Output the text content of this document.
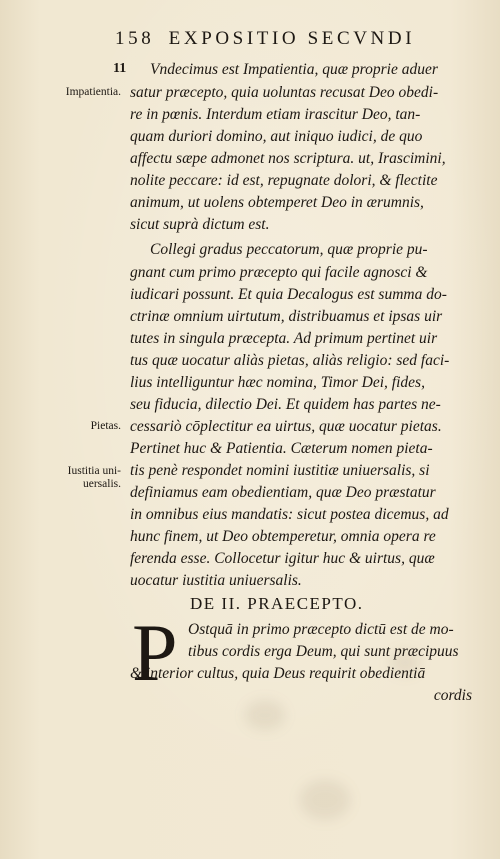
158 EXPOSITIO SECVNDI
11
Impatientia.
Pietas.
Iustitia uni-
uersalis.
Vndecimus est Impatientia, quæ proprie aduer
satur præcepto, quia uoluntas recusat Deo obedi-
re in pœnis. Interdum etiam irascitur Deo, tan-
quam duriori domino, aut iniquo iudici, de quo
affectu sæpe admonet nos scriptura. ut, Irascimini,
nolite peccare: id est, repugnate dolori, & flectite
animum, ut uolens obtemperet Deo in ærumnis,
sicut suprà dictum est.
Collegi gradus peccatorum, quæ proprie pu-
gnant cum primo præcepto qui facile agnosci &
iudicari possunt. Et quia Decalogus est summa do-
ctrinæ omnium uirtutum, distribuamus et ipsas uir
tutes in singula præcepta. Ad primum pertinet uir
tus quæ uocatur aliàs pietas, aliàs religio: sed faci-
lius intelliguntur hæc nomina, Timor Dei, fides,
seu fiducia, dilectio Dei. Et quidem has partes ne-
cessariò cōplectitur ea uirtus, quæ uocatur pietas.
Pertinet huc & Patientia. Cæterum nomen pieta-
tis penè respondet nomini iustitiæ uniuersalis, si
definiamus eam obedientiam, quæ Deo præstatur
in omnibus eius mandatis: sicut postea dicemus, ad
hunc finem, ut Deo obtemperetur, omnia opera re
ferenda esse. Collocetur igitur huc & uirtus, quæ
uocatur iustitia uniuersalis.
DE II. PRAECEPTO.
P Ostquā in primo præcepto dictū est de mo-
tibus cordis erga Deum, qui sunt præcipuus
& interior cultus, quia Deus requirit obedientiā
cordis
